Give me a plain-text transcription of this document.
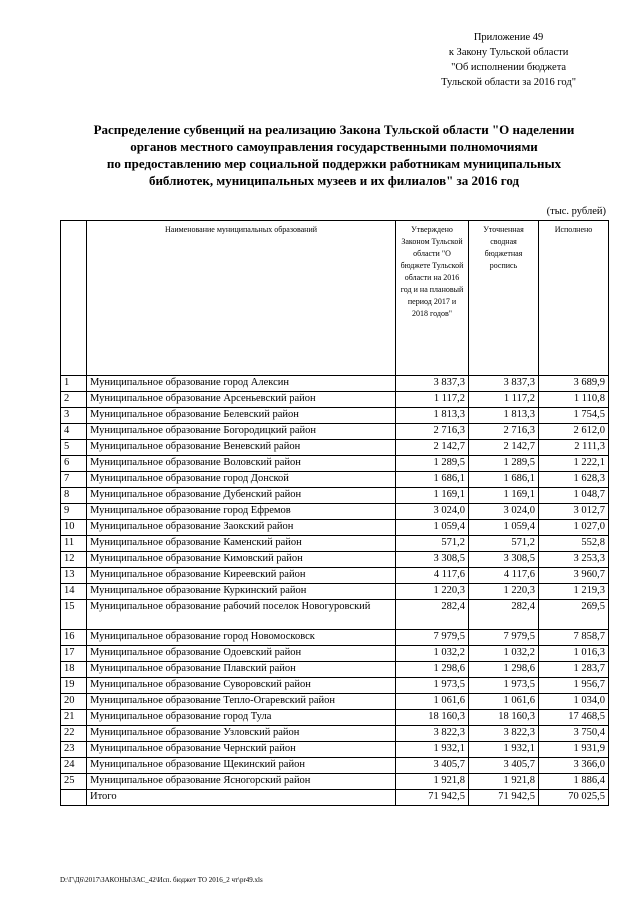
Приложение 49
к Закону Тульской области
"Об исполнении бюджета
Тульской области за 2016 год"
Распределение субвенций на реализацию Закона Тульской области "О наделении
органов местного самоуправления государственными полномочиями
по предоставлению мер социальной поддержки работникам муниципальных
библиотек, муниципальных музеев и их филиалов" за 2016 год
(тыс. рублей)
	Наименование муниципальных образований	Утверждено Законом Тульской области "О бюджете Тульской области на 2016 год и на плановый период 2017 и 2018 годов"	Уточненная сводная бюджетная роспись	Исполнено
1	Муниципальное образование город Алексин	3 837,3	3 837,3	3 689,9
2	Муниципальное образование Арсеньевский район	1 117,2	1 117,2	1 110,8
3	Муниципальное образование Белевский район	1 813,3	1 813,3	1 754,5
4	Муниципальное образование Богородицкий район	2 716,3	2 716,3	2 612,0
5	Муниципальное образование Веневский район	2 142,7	2 142,7	2 111,3
6	Муниципальное образование Воловский район	1 289,5	1 289,5	1 222,1
7	Муниципальное образование город Донской	1 686,1	1 686,1	1 628,3
8	Муниципальное образование Дубенский район	1 169,1	1 169,1	1 048,7
9	Муниципальное образование город Ефремов	3 024,0	3 024,0	3 012,7
10	Муниципальное образование Заокский район	1 059,4	1 059,4	1 027,0
11	Муниципальное образование Каменский район	571,2	571,2	552,8
12	Муниципальное образование Кимовский район	3 308,5	3 308,5	3 253,3
13	Муниципальное образование Киреевский район	4 117,6	4 117,6	3 960,7
14	Муниципальное образование Куркинский район	1 220,3	1 220,3	1 219,3
15	Муниципальное образование рабочий поселок Новогуровский	282,4	282,4	269,5
16	Муниципальное образование город Новомосковск	7 979,5	7 979,5	7 858,7
17	Муниципальное образование Одоевский район	1 032,2	1 032,2	1 016,3
18	Муниципальное образование Плавский район	1 298,6	1 298,6	1 283,7
19	Муниципальное образование Суворовский район	1 973,5	1 973,5	1 956,7
20	Муниципальное образование Тепло-Огаревский район	1 061,6	1 061,6	1 034,0
21	Муниципальное образование город Тула	18 160,3	18 160,3	17 468,5
22	Муниципальное образование Узловский район	3 822,3	3 822,3	3 750,4
23	Муниципальное образование Чернский район	1 932,1	1 932,1	1 931,9
24	Муниципальное образование Щекинский район	3 405,7	3 405,7	3 366,0
25	Муниципальное образование Ясногорский район	1 921,8	1 921,8	1 886,4
	Итого	71 942,5	71 942,5	70 025,5
D:\Г\Д6\2017\ЗАКОНЫ\ЗАС_42\Исп. бюджет ТО 2016_2 чт\pr49.xls
